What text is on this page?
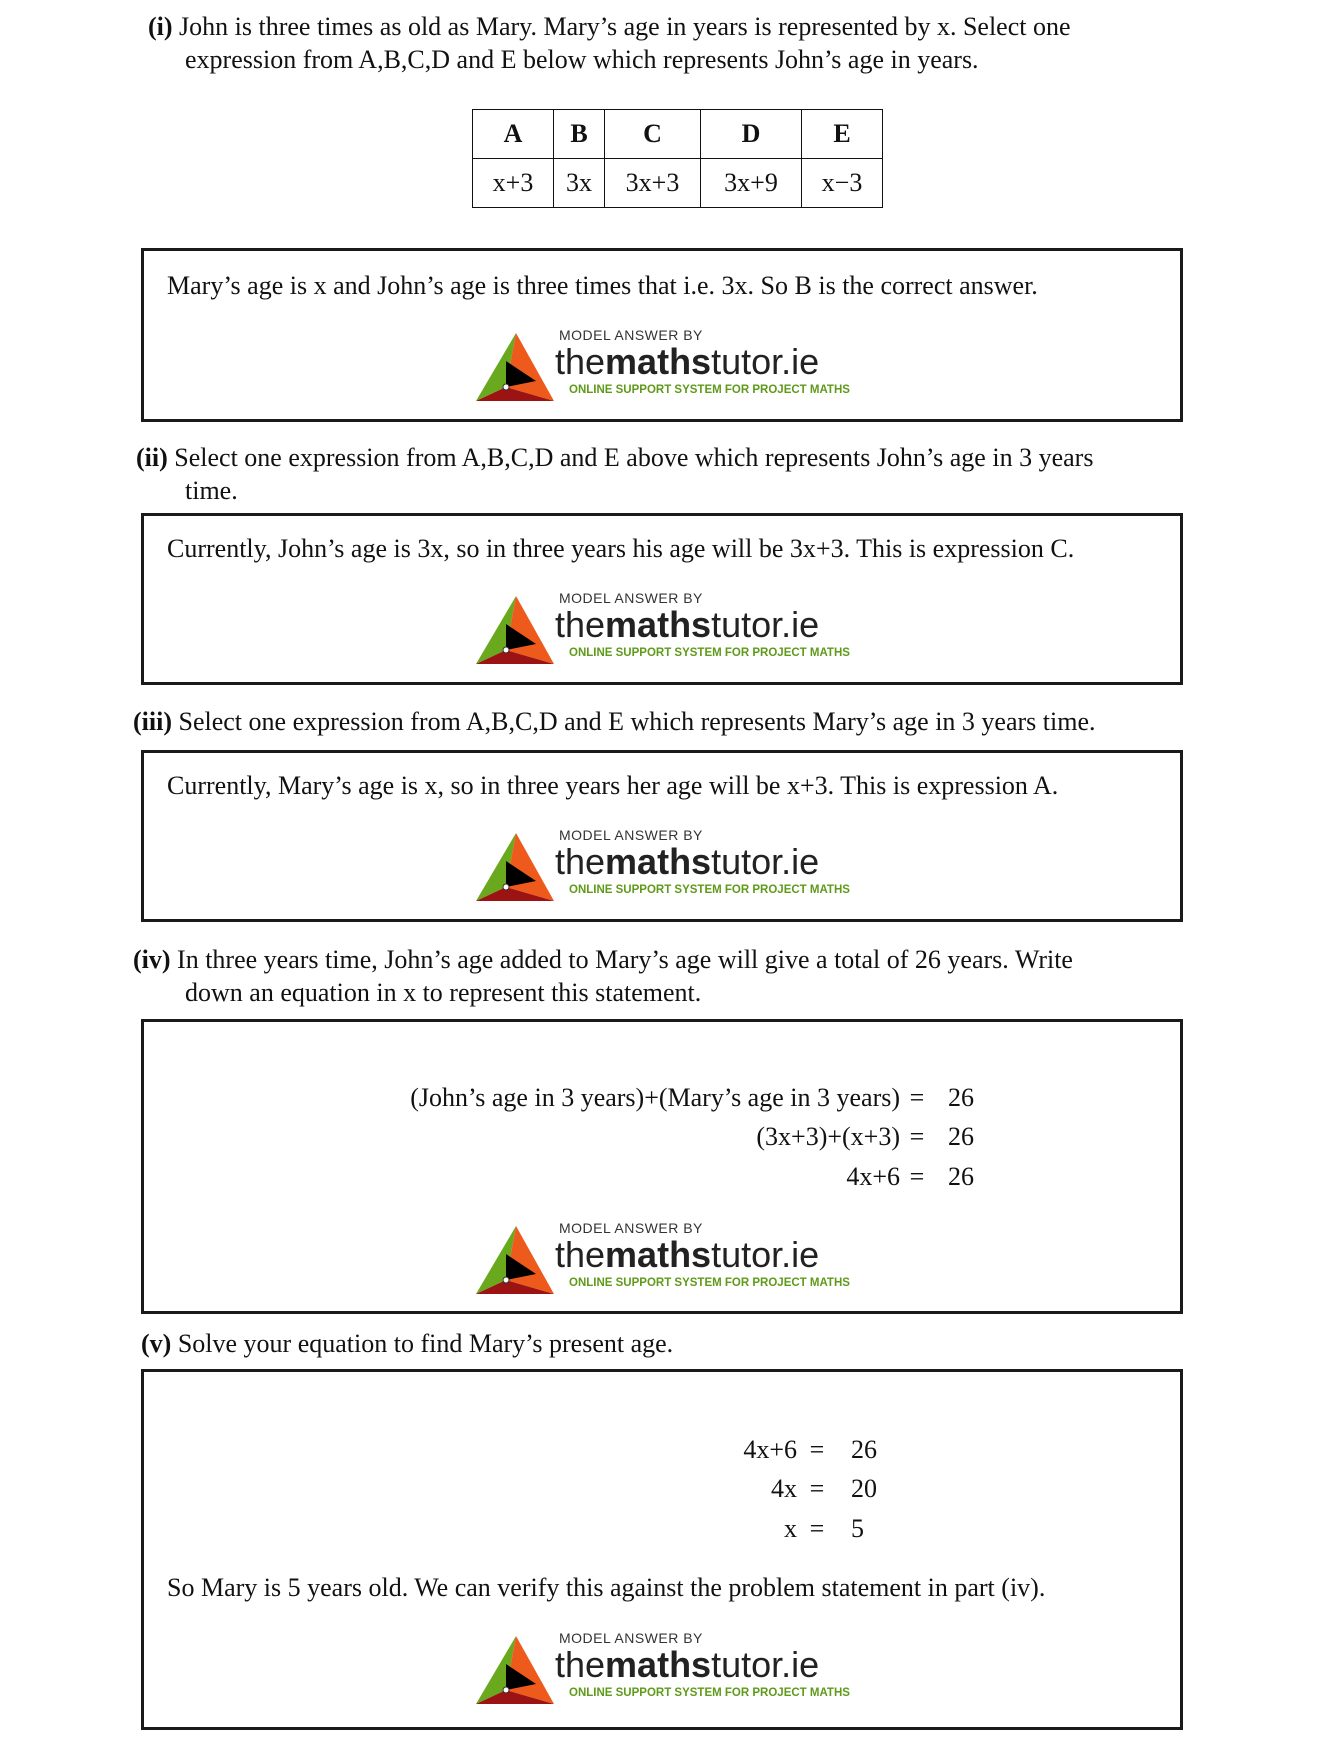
(i) John is three times as old as Mary. Mary’s age in years is represented by x. Select one
expression from A,B,C,D and E below which represents John’s age in years.
A	B	C	D	E
x+3	3x	3x+3	3x+9	x−3
Mary’s age is x and John’s age is three times that i.e. 3x. So B is the correct answer.
MODEL ANSWER BY
themathstutor.ie
ONLINE SUPPORT SYSTEM FOR PROJECT MATHS
(ii) Select one expression from A,B,C,D and E above which represents John’s age in 3 years
time.
Currently, John’s age is 3x, so in three years his age will be 3x+3. This is expression C.
MODEL ANSWER BY
themathstutor.ie
ONLINE SUPPORT SYSTEM FOR PROJECT MATHS
(iii) Select one expression from A,B,C,D and E which represents Mary’s age in 3 years time.
Currently, Mary’s age is x, so in three years her age will be x+3. This is expression A.
MODEL ANSWER BY
themathstutor.ie
ONLINE SUPPORT SYSTEM FOR PROJECT MATHS
(iv) In three years time, John’s age added to Mary’s age will give a total of 26 years. Write
down an equation in x to represent this statement.
(John’s age in 3 years)+(Mary’s age in 3 years) = 26
(3x+3)+(x+3) = 26
4x+6 = 26
MODEL ANSWER BY
themathstutor.ie
ONLINE SUPPORT SYSTEM FOR PROJECT MATHS
(v) Solve your equation to find Mary’s present age.
4x+6 = 26
4x = 20
x = 5
So Mary is 5 years old. We can verify this against the problem statement in part (iv).
MODEL ANSWER BY
themathstutor.ie
ONLINE SUPPORT SYSTEM FOR PROJECT MATHS
